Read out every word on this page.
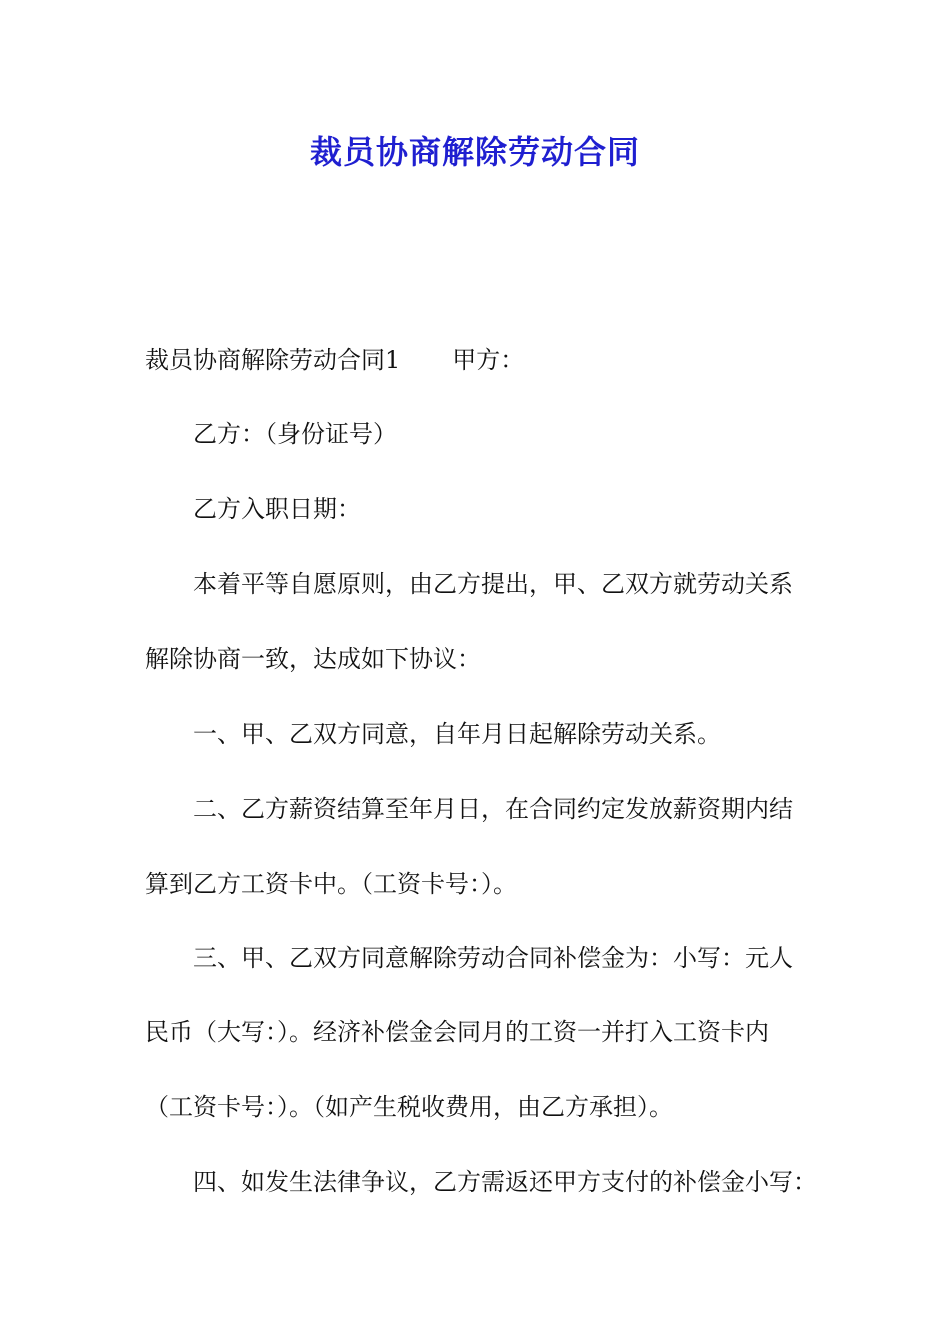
裁员协商解除劳动合同
裁员协商解除劳动合同1 甲方：
乙方：（身份证号）
乙方入职日期：
本着平等自愿原则，由乙方提出，甲、乙双方就劳动关系
解除协商一致，达成如下协议：
一、甲、乙双方同意，自年月日起解除劳动关系。
二、乙方薪资结算至年月日，在合同约定发放薪资期内结
算到乙方工资卡中。（工资卡号：）。
三、甲、乙双方同意解除劳动合同补偿金为：小写：元人
民币（大写：）。经济补偿金会同月的工资一并打入工资卡内
（工资卡号：）。（如产生税收费用，由乙方承担）。
四、如发生法律争议，乙方需返还甲方支付的补偿金小写：
